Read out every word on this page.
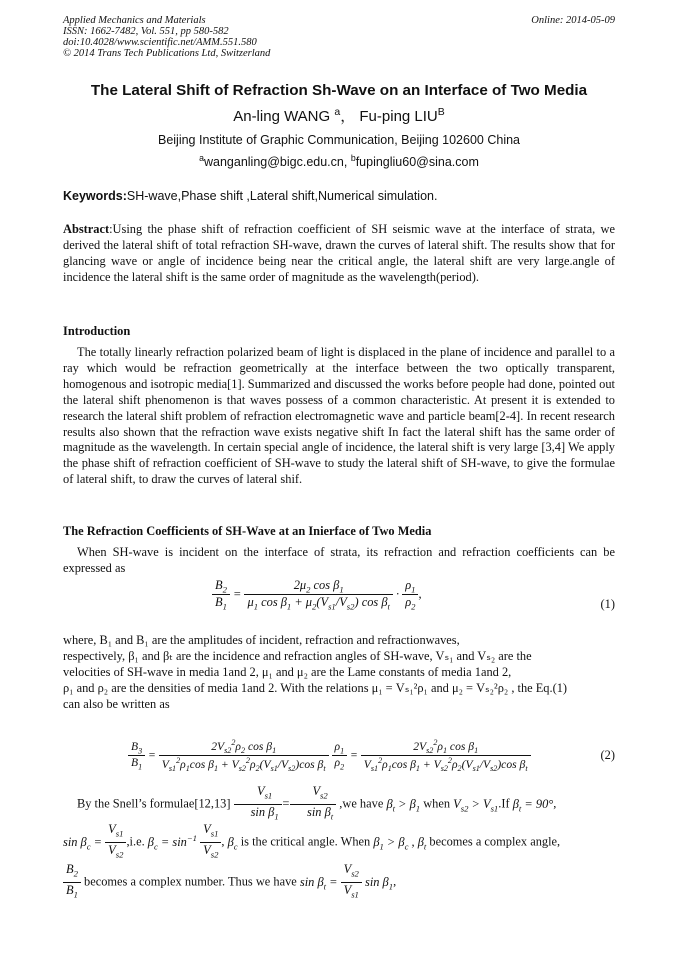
Applied Mechanics and Materials
ISSN: 1662-7482, Vol. 551, pp 580-582
doi:10.4028/www.scientific.net/AMM.551.580
© 2014 Trans Tech Publications Ltd, Switzerland
Online: 2014-05-09
The Lateral Shift of Refraction Sh-Wave on an Interface of Two Media
An-ling WANG $^a$， Fu-ping $LIU^B$
Beijing Institute of Graphic Communication, Beijing 102600 China
$^a$wanganling@bigc.edu.cn, $^b$fupingliu60@sina.com
Keywords:SH-wave,Phase shift ,Lateral shift,Numerical simulation.
Abstract:Using the phase shift of refraction coefficient of SH seismic wave at the interface of strata, we derived the lateral shift of total refraction SH-wave, drawn the curves of lateral shift. The results show that for glancing wave or angle of incidence being near the critical angle, the lateral shift are very large.angle of incidence the lateral shift is the same order of magnitude as the wavelength(period).
Introduction
The totally linearly refraction polarized beam of light is displaced in the plane of incidence and parallel to a ray which would be refraction geometrically at the interface between the two optically transparent, homogenous and isotropic media[1]. Summarized and discussed the works before people had done, pointed out the lateral shift phenomenon is that waves possess of a common characteristic. At present it is extended to research the lateral shift problem of refraction electromagnetic wave and particle beam[2-4]. In recent research results also shown that the refraction wave exists negative shift In fact the lateral shift has the same order of magnitude as the wavelength. In certain special angle of incidence, the lateral shift is very large [3,4] We apply the phase shift of refraction coefficient of SH-wave to study the lateral shift of SH-wave, to give the formulae of lateral shift, to draw the curves of lateral shif.
The Refraction Coefficients of SH-Wave at an Inierface of Two Media
When SH-wave is incident on the interface of strata, its refraction and refraction coefficients can be expressed as
$\frac{B_2}{B_1} = \frac{2\mu_2 \cos \beta_1}{\mu_1 \cos \beta_1 + \mu_2(V_{s1}/V_{s2}) \cos \beta_t} \cdot \frac{\rho_1}{\rho_2}$ ,
(1)
where, B₁ and B₁ are the amplitudes of incident, refraction and refractionwaves,
respectively, β₁ and βₜ are the incidence and refraction angles of SH-wave, Vₛ₁ and Vₛ₂ are the
velocities of SH-wave in media 1and 2, μ₁ and μ₂ are the Lame constants of media 1and 2,
ρ₁ and ρ₂ are the densities of media 1and 2. With the relations μ₁ = Vₛ₁²ρ₁ and μ₂ = Vₛ₂²ρ₂ , the Eq.(1)
can also be written as
$\frac{B_3}{B_1} = \frac{2V_{s2}^2\rho_2 \cos \beta_1}{V_{s1}^2\rho_1\cos \beta_1 + V_{s2}^2\rho_2(V_{s1}/V_{s2})\cos \beta_t}$
$\frac{\rho_1}{\rho_2} = \frac{2V_{s2}^2\rho_1 \cos \beta_1}{V_{s1}^2\rho_1\cos \beta_1 + V_{s2}^2\rho_2(V_{s1}/V_{s2})\cos \beta_t}$	(2)
By the Snell’s formulae[12,13] $\frac{V_{s1}}{\sin \beta_1} = \frac{V_{s2}}{\sin \beta_t} ,we$ have $\beta_t > \beta_1$ when $V_{s2} > V_{s1}.If$ $\beta_t = 90^\circ$,
$\sin \beta_c = \frac{V_{s1}}{V_{s2}} ,i.e$. $\beta_c = \sin^{-1} \frac{V_{s1}}{V_{s2}}$ , $\beta_c$ is the critical angle. When $\beta_1 > \beta_c$ , $\beta_t$ becomes a complex angle,
$\frac{B_2}{B_1}$ becomes a complex number. Thus we have $\sin \beta_t = \frac{V_{s2}}{V_{s1}}$ $\sin \beta_1$,
